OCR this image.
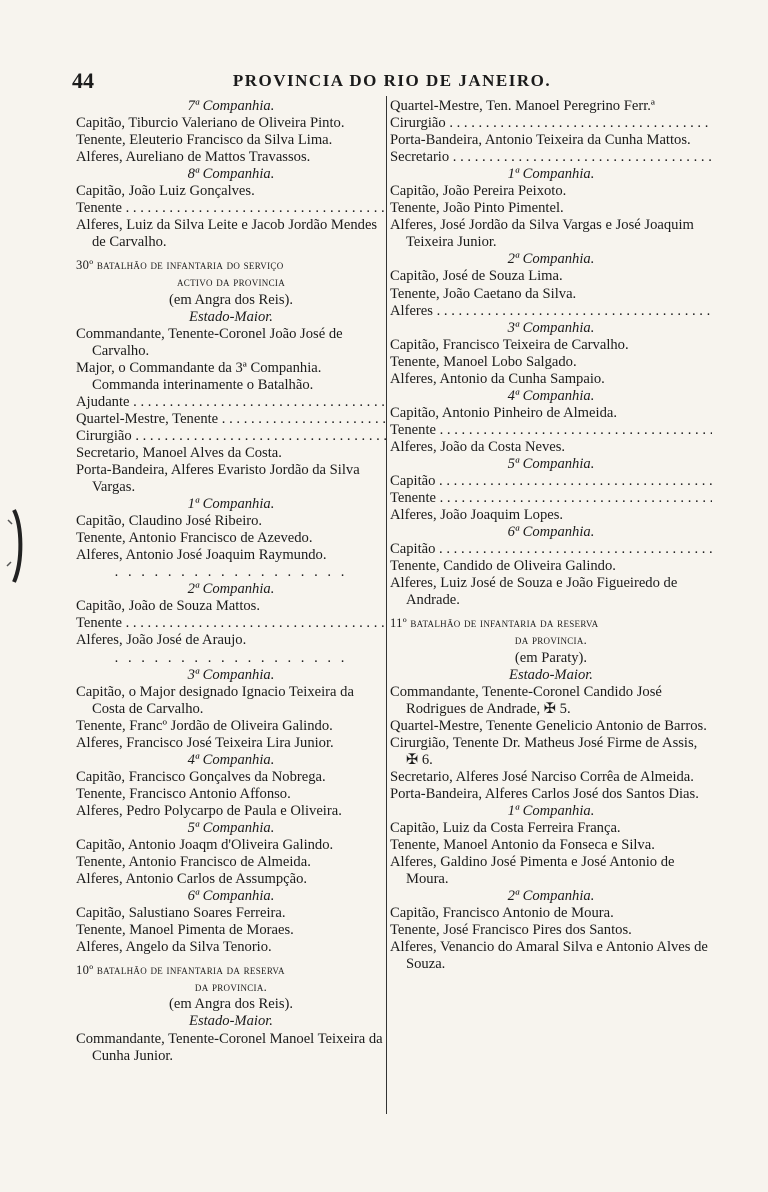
44	PROVINCIA DO RIO DE JANEIRO.
7ª Companhia.
Capitão, Tiburcio Valeriano de Oliveira Pinto.
Tenente, Eleuterio Francisco da Silva Lima.
Alferes, Aureliano de Mattos Travassos.
8ª Companhia.
Capitão, João Luiz Gonçalves.
Tenente . . .
Alferes, Luiz da Silva Leite e Jacob Jordão Mendes de Carvalho.
30º batalhão de infantaria do serviço
activo da provincia
(em Angra dos Reis).
Estado-Maior.
Commandante, Tenente-Coronel João José de Carvalho.
Major, o Commandante da 3ª Companhia. Commanda interinamente o Batalhão.
Ajudante . . .
Quartel-Mestre, Tenente . . .
Cirurgião . . .
Secretario, Manoel Alves da Costa.
Porta-Bandeira, Alferes Evaristo Jordão da Silva Vargas.
1ª Companhia.
Capitão, Claudino José Ribeiro.
Tenente, Antonio Francisco de Azevedo.
Alferes, Antonio José Joaquim Raymundo.
. . . . . . . . . . . . . . . . . .
2ª Companhia.
Capitão, João de Souza Mattos.
Tenente . . .
Alferes, João José de Araujo.
. . . . . . . . . . . . . . . . . .
3ª Companhia.
Capitão, o Major designado Ignacio Teixeira da Costa de Carvalho.
Tenente, Francº Jordão de Oliveira Galindo.
Alferes, Francisco José Teixeira Lira Junior.
4ª Companhia.
Capitão, Francisco Gonçalves da Nobrega.
Tenente, Francisco Antonio Affonso.
Alferes, Pedro Polycarpo de Paula e Oliveira.
5ª Companhia.
Capitão, Antonio Joaqm d'Oliveira Galindo.
Tenente, Antonio Francisco de Almeida.
Alferes, Antonio Carlos de Assumpção.
6ª Companhia.
Capitão, Salustiano Soares Ferreira.
Tenente, Manoel Pimenta de Moraes.
Alferes, Angelo da Silva Tenorio.
10º batalhão de infantaria da reserva
da provincia.
(em Angra dos Reis).
Estado-Maior.
Commandante, Tenente-Coronel Manoel Teixeira da Cunha Junior.
Quartel-Mestre, Ten. Manoel Peregrino Ferr.ª
Cirurgião . . .
Porta-Bandeira, Antonio Teixeira da Cunha Mattos.
Secretario . . .
1ª Companhia.
Capitão, João Pereira Peixoto.
Tenente, João Pinto Pimentel.
Alferes, José Jordão da Silva Vargas e José Joaquim Teixeira Junior.
2ª Companhia.
Capitão, José de Souza Lima.
Tenente, João Caetano da Silva.
Alferes . . .
3ª Companhia.
Capitão, Francisco Teixeira de Carvalho.
Tenente, Manoel Lobo Salgado.
Alferes, Antonio da Cunha Sampaio.
4ª Companhia.
Capitão, Antonio Pinheiro de Almeida.
Tenente . . .
Alferes, João da Costa Neves.
5ª Companhia.
Capitão . . .
Tenente . . .
Alferes, João Joaquim Lopes.
6ª Companhia.
Capitão . . .
Tenente, Candido de Oliveira Galindo.
Alferes, Luiz José de Souza e João Figueiredo de Andrade.
11º batalhão de infantaria da reserva
da provincia.
(em Paraty).
Estado-Maior.
Commandante, Tenente-Coronel Candido José Rodrigues de Andrade, ✠ 5.
Quartel-Mestre, Tenente Genelicio Antonio de Barros.
Cirurgião, Tenente Dr. Matheus José Firme de Assis, ✠ 6.
Secretario, Alferes José Narciso Corrêa de Almeida.
Porta-Bandeira, Alferes Carlos José dos Santos Dias.
1ª Companhia.
Capitão, Luiz da Costa Ferreira França.
Tenente, Manoel Antonio da Fonseca e Silva.
Alferes, Galdino José Pimenta e José Antonio de Moura.
2ª Companhia.
Capitão, Francisco Antonio de Moura.
Tenente, José Francisco Pires dos Santos.
Alferes, Venancio do Amaral Silva e Antonio Alves de Souza.
